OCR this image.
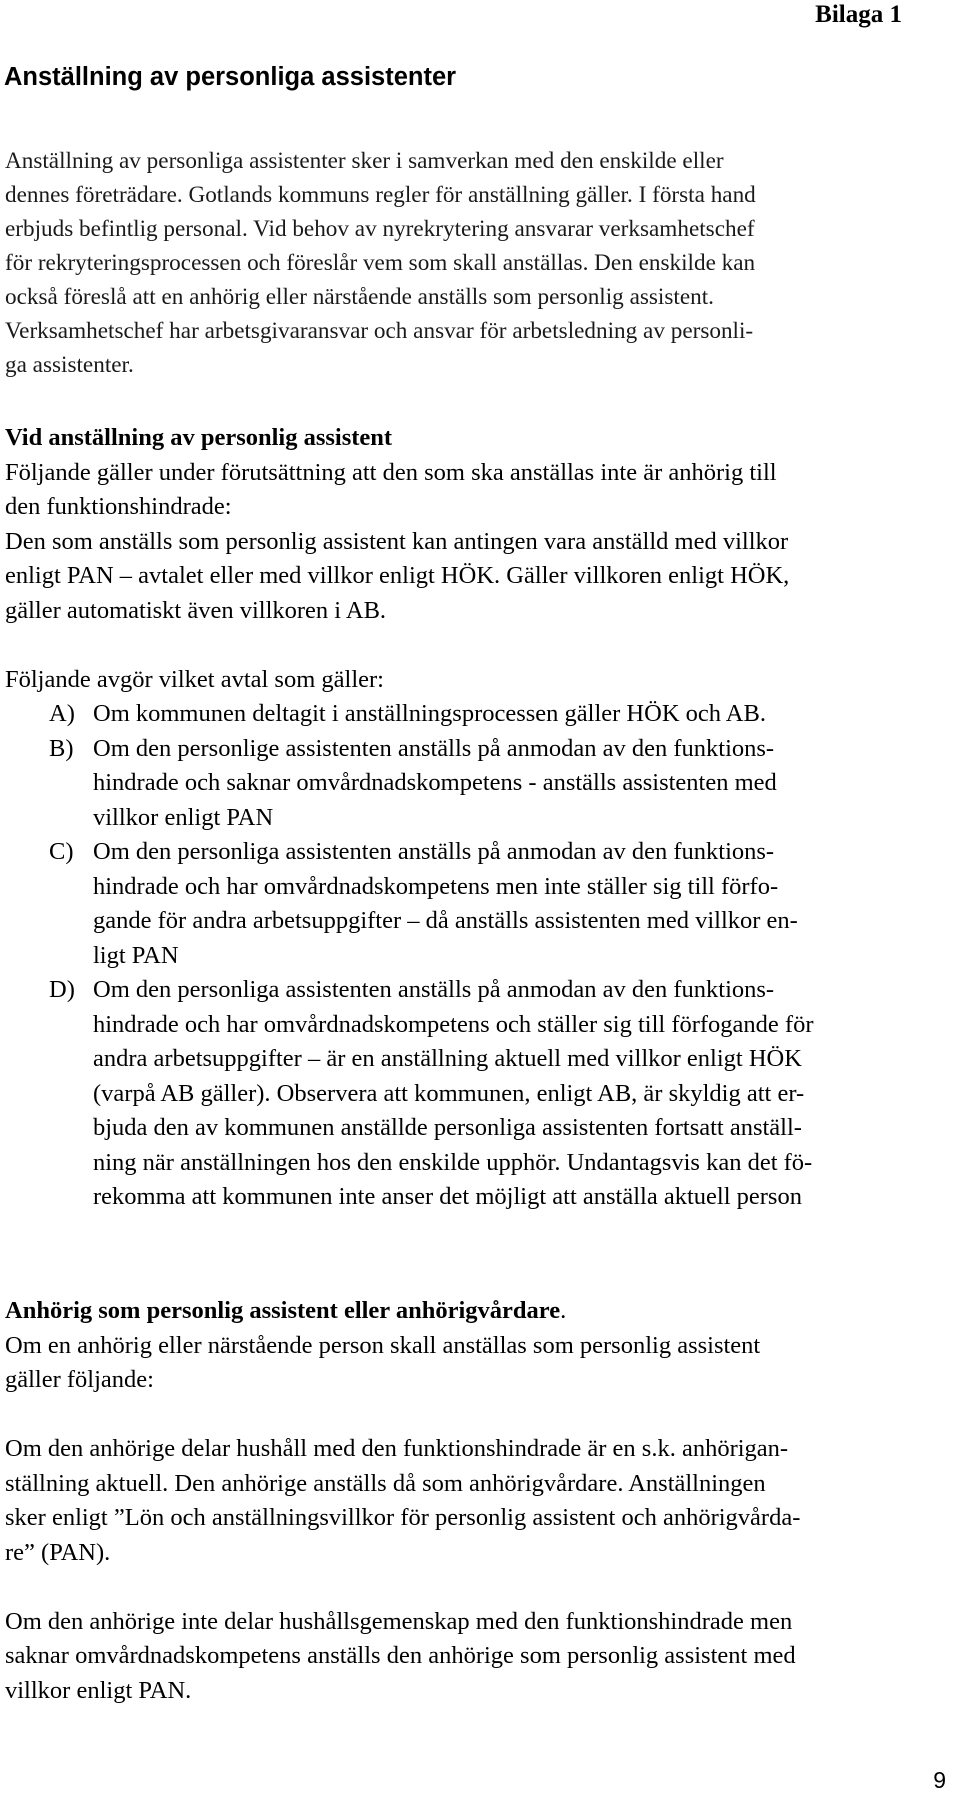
Bilaga 1
Anställning av personliga assistenter
Anställning av personliga assistenter sker i samverkan med den enskilde eller
dennes företrädare. Gotlands kommuns regler för anställning gäller. I första hand
erbjuds befintlig personal. Vid behov av nyrekrytering ansvarar verksamhetschef
för rekryteringsprocessen och föreslår vem som skall anställas. Den enskilde kan
också föreslå att en anhörig eller närstående anställs som personlig assistent.
Verksamhetschef har arbetsgivaransvar och ansvar för arbetsledning av personli-
ga assistenter.
Vid anställning av personlig assistent
Följande gäller under förutsättning att den som ska anställas inte är anhörig till
den funktionshindrade:
Den som anställs som personlig assistent kan antingen vara anställd med villkor
enligt PAN – avtalet eller med villkor enligt HÖK. Gäller villkoren enligt HÖK,
gäller automatiskt även villkoren i AB.
Följande avgör vilket avtal som gäller:
A) Om kommunen deltagit i anställningsprocessen gäller HÖK och AB.
B) Om den personlige assistenten anställs på anmodan av den funktions-
hindrade och saknar omvårdnadskompetens - anställs assistenten med
villkor enligt PAN
C) Om den personliga assistenten anställs på anmodan av den funktions-
hindrade och har omvårdnadskompetens men inte ställer sig till förfo-
gande för andra arbetsuppgifter – då anställs assistenten med villkor en-
ligt PAN
D) Om den personliga assistenten anställs på anmodan av den funktions-
hindrade och har omvårdnadskompetens och ställer sig till förfogande för
andra arbetsuppgifter – är en anställning aktuell med villkor enligt HÖK
(varpå AB gäller). Observera att kommunen, enligt AB, är skyldig att er-
bjuda den av kommunen anställde personliga assistenten fortsatt anställ-
ning när anställningen hos den enskilde upphör. Undantagsvis kan det fö-
rekomma att kommunen inte anser det möjligt att anställa aktuell person
Anhörig som personlig assistent eller anhörigvårdare.
Om en anhörig eller närstående person skall anställas som personlig assistent
gäller följande:
Om den anhörige delar hushåll med den funktionshindrade är en s.k. anhörigan-
ställning aktuell. Den anhörige anställs då som anhörigvårdare. Anställningen
sker enligt ”Lön och anställningsvillkor för personlig assistent och anhörigvårda-
re” (PAN).
Om den anhörige inte delar hushållsgemenskap med den funktionshindrade men
saknar omvårdnadskompetens anställs den anhörige som personlig assistent med
villkor enligt PAN.
9
